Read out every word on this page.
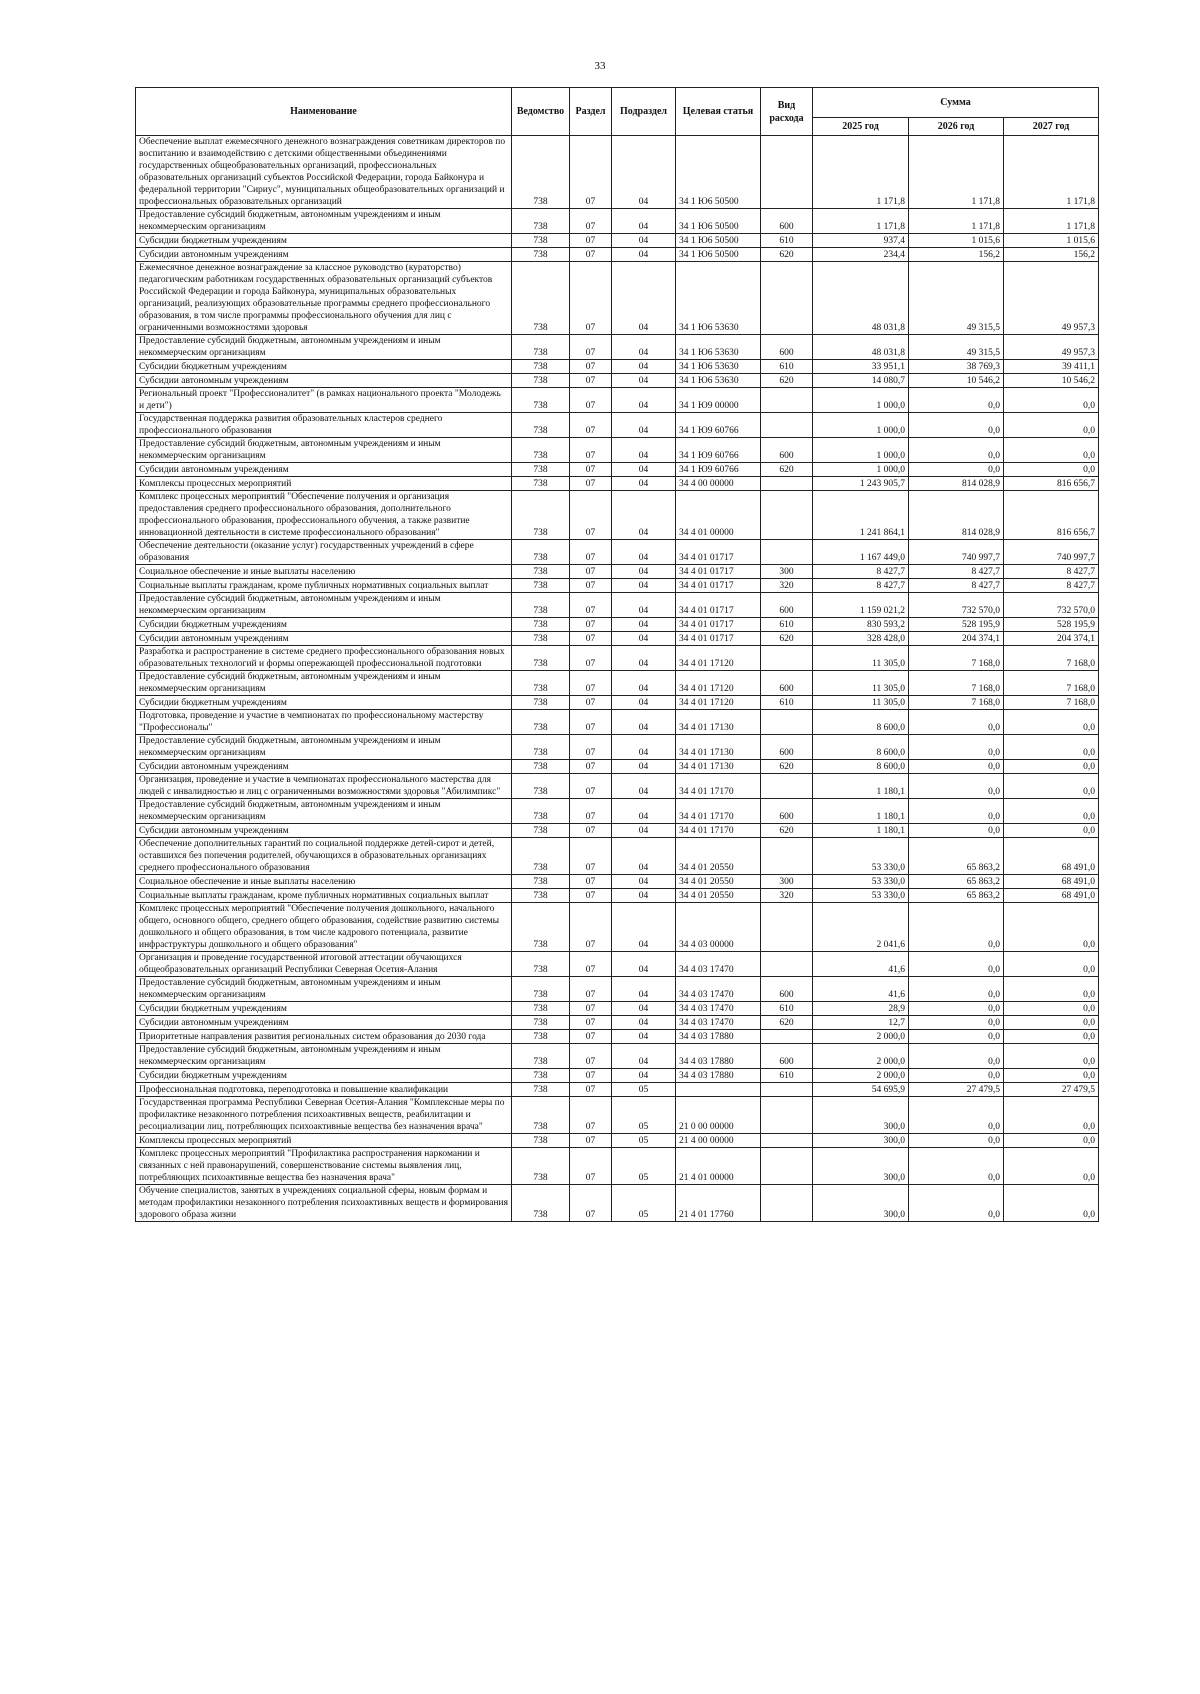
33
Наименование	Ведомство	Раздел	Подраздел	Целевая статья	Вид расхода	Сумма		
						2025 год	2026 год	2027 год
Обеспечение выплат ежемесячного денежного вознаграждения советникам директоров по воспитанию и взаимодействию с детскими общественными объединениями государственных общеобразовательных организаций, профессиональных образовательных организаций субъектов Российской Федерации, города Байконура и федеральной территории "Сириус", муниципальных общеобразовательных организаций и профессиональных образовательных организаций	738	07	04	34 1 Ю6 50500		1 171,8	1 171,8	1 171,8
Предоставление субсидий бюджетным, автономным учреждениям и иным некоммерческим организациям	738	07	04	34 1 Ю6 50500	600	1 171,8	1 171,8	1 171,8
Субсидии бюджетным учреждениям	738	07	04	34 1 Ю6 50500	610	937,4	1 015,6	1 015,6
Субсидии автономным учреждениям	738	07	04	34 1 Ю6 50500	620	234,4	156,2	156,2
Ежемесячное денежное вознаграждение за классное руководство (кураторство) педагогическим работникам государственных образовательных организаций субъектов Российской Федерации и города Байконура, муниципальных образовательных организаций, реализующих образовательные программы среднего профессионального образования, в том числе программы профессионального обучения для лиц с ограниченными возможностями здоровья	738	07	04	34 1 Ю6 53630		48 031,8	49 315,5	49 957,3
Предоставление субсидий бюджетным, автономным учреждениям и иным некоммерческим организациям	738	07	04	34 1 Ю6 53630	600	48 031,8	49 315,5	49 957,3
Субсидии бюджетным учреждениям	738	07	04	34 1 Ю6 53630	610	33 951,1	38 769,3	39 411,1
Субсидии автономным учреждениям	738	07	04	34 1 Ю6 53630	620	14 080,7	10 546,2	10 546,2
Региональный проект "Профессионалитет" (в рамках национального проекта "Молодежь и дети")	738	07	04	34 1 Ю9 00000		1 000,0	0,0	0,0
Государственная поддержка развития образовательных кластеров среднего профессионального образования	738	07	04	34 1 Ю9 60766		1 000,0	0,0	0,0
Предоставление субсидий бюджетным, автономным учреждениям и иным некоммерческим организациям	738	07	04	34 1 Ю9 60766	600	1 000,0	0,0	0,0
Субсидии автономным учреждениям	738	07	04	34 1 Ю9 60766	620	1 000,0	0,0	0,0
Комплексы процессных мероприятий	738	07	04	34 4 00 00000		1 243 905,7	814 028,9	816 656,7
Комплекс процессных мероприятий "Обеспечение получения и организация предоставления среднего профессионального образования, дополнительного профессионального образования, профессионального обучения, а также развитие инновационной деятельности в системе профессионального образования"	738	07	04	34 4 01 00000		1 241 864,1	814 028,9	816 656,7
Обеспечение деятельности (оказание услуг) государственных учреждений в сфере образования	738	07	04	34 4 01 01717		1 167 449,0	740 997,7	740 997,7
Социальное обеспечение и иные выплаты населению	738	07	04	34 4 01 01717	300	8 427,7	8 427,7	8 427,7
Социальные выплаты гражданам, кроме публичных нормативных социальных выплат	738	07	04	34 4 01 01717	320	8 427,7	8 427,7	8 427,7
Предоставление субсидий бюджетным, автономным учреждениям и иным некоммерческим организациям	738	07	04	34 4 01 01717	600	1 159 021,2	732 570,0	732 570,0
Субсидии бюджетным учреждениям	738	07	04	34 4 01 01717	610	830 593,2	528 195,9	528 195,9
Субсидии автономным учреждениям	738	07	04	34 4 01 01717	620	328 428,0	204 374,1	204 374,1
Разработка и распространение в системе среднего профессионального образования новых образовательных технологий и формы опережающей профессиональной подготовки	738	07	04	34 4 01 17120		11 305,0	7 168,0	7 168,0
Предоставление субсидий бюджетным, автономным учреждениям и иным некоммерческим организациям	738	07	04	34 4 01 17120	600	11 305,0	7 168,0	7 168,0
Субсидии бюджетным учреждениям	738	07	04	34 4 01 17120	610	11 305,0	7 168,0	7 168,0
Подготовка, проведение и участие в чемпионатах по профессиональному мастерству "Профессионалы"	738	07	04	34 4 01 17130		8 600,0	0,0	0,0
Предоставление субсидий бюджетным, автономным учреждениям и иным некоммерческим организациям	738	07	04	34 4 01 17130	600	8 600,0	0,0	0,0
Субсидии автономным учреждениям	738	07	04	34 4 01 17130	620	8 600,0	0,0	0,0
Организация, проведение и участие в чемпионатах профессионального мастерства для людей с инвалидностью и лиц с ограниченными возможностями здоровья "Абилимпикс"	738	07	04	34 4 01 17170		1 180,1	0,0	0,0
Предоставление субсидий бюджетным, автономным учреждениям и иным некоммерческим организациям	738	07	04	34 4 01 17170	600	1 180,1	0,0	0,0
Субсидии автономным учреждениям	738	07	04	34 4 01 17170	620	1 180,1	0,0	0,0
Обеспечение дополнительных гарантий по социальной поддержке детей-сирот и детей, оставшихся без попечения родителей, обучающихся в образовательных организациях среднего профессионального образования	738	07	04	34 4 01 20550		53 330,0	65 863,2	68 491,0
Социальное обеспечение и иные выплаты населению	738	07	04	34 4 01 20550	300	53 330,0	65 863,2	68 491,0
Социальные выплаты гражданам, кроме публичных нормативных социальных выплат	738	07	04	34 4 01 20550	320	53 330,0	65 863,2	68 491,0
Комплекс процессных мероприятий "Обеспечение получения дошкольного, начального общего, основного общего, среднего общего образования, содействие развитию системы дошкольного и общего образования, в том числе кадрового потенциала, развитие инфраструктуры дошкольного и общего образования"	738	07	04	34 4 03 00000		2 041,6	0,0	0,0
Организация и проведение государственной итоговой аттестации обучающихся общеобразовательных организаций Республики Северная Осетия-Алания	738	07	04	34 4 03 17470		41,6	0,0	0,0
Предоставление субсидий бюджетным, автономным учреждениям и иным некоммерческим организациям	738	07	04	34 4 03 17470	600	41,6	0,0	0,0
Субсидии бюджетным учреждениям	738	07	04	34 4 03 17470	610	28,9	0,0	0,0
Субсидии автономным учреждениям	738	07	04	34 4 03 17470	620	12,7	0,0	0,0
Приоритетные направления развития региональных систем образования до 2030 года	738	07	04	34 4 03 17880		2 000,0	0,0	0,0
Предоставление субсидий бюджетным, автономным учреждениям и иным некоммерческим организациям	738	07	04	34 4 03 17880	600	2 000,0	0,0	0,0
Субсидии бюджетным учреждениям	738	07	04	34 4 03 17880	610	2 000,0	0,0	0,0
Профессиональная подготовка, переподготовка и повышение квалификации	738	07	05			54 695,9	27 479,5	27 479,5
Государственная программа Республики Северная Осетия-Алания "Комплексные меры по профилактике незаконного потребления психоактивных веществ, реабилитации и ресоциализации лиц, потребляющих психоактивные вещества без назначения врача"	738	07	05	21 0 00 00000		300,0	0,0	0,0
Комплексы процессных мероприятий	738	07	05	21 4 00 00000		300,0	0,0	0,0
Комплекс процессных мероприятий "Профилактика распространения наркомании и связанных с ней правонарушений, совершенствование системы выявления лиц, потребляющих психоактивные вещества без назначения врача"	738	07	05	21 4 01 00000		300,0	0,0	0,0
Обучение специалистов, занятых в учреждениях социальной сферы, новым формам и методам профилактики незаконного потребления психоактивных веществ и формирования здорового образа жизни	738	07	05	21 4 01 17760		300,0	0,0	0,0
